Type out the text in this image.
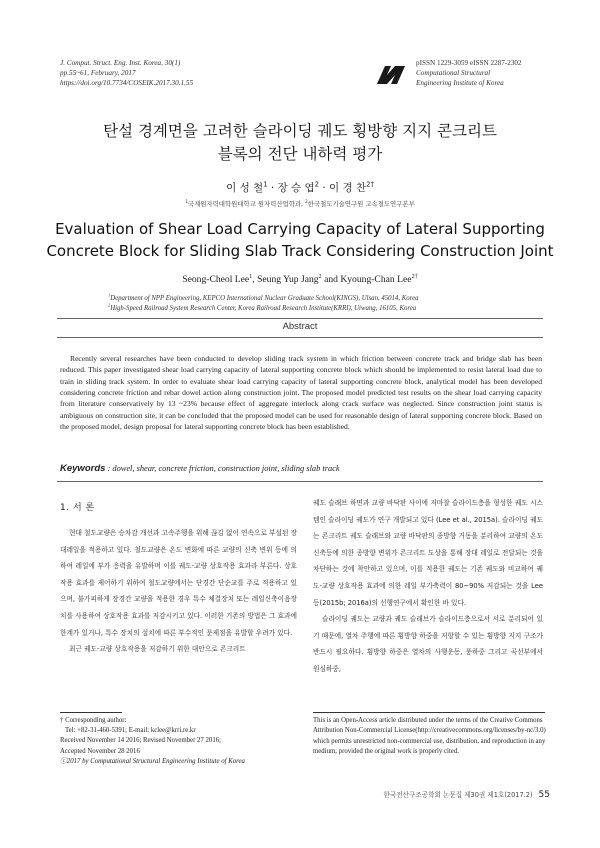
J. Comput. Struct. Eng. Inst. Korea, 30(1)
pp.55~61, February, 2017
https://doi.org/10.7734/COSEIK.2017.30.1.55
pISSN 1229-3059 eISSN 2287-2302
Computational Structural
Engineering Institute of Korea
탄설 경계면을 고려한 슬라이딩 궤도 횡방향 지지 콘크리트
블록의 전단 내하력 평가
이 성 철$^1$ · 장 승 엽$^2$ · 이 경 찬$^{2\dagger}$
$^1$국제원자력대학원대학교 원자력산업학과, $^2$한국철도기술연구원 고속철도연구본부
Evaluation of Shear Load Carrying Capacity of Lateral Supporting
Concrete Block for Sliding Slab Track Considering Construction Joint
Seong-Cheol Lee$^1$, Seung Yup Jang$^2$ and Kyoung-Chan Lee$^{2\dagger}$
$^1$Department of NPP Engineering, KEPCO International Nuclear Graduate School(KINGS), Ulsan, 45014, Korea
$^2$High-Speed Railroad System Research Center, Korea Railroad Research Institute(KRRI), Uiwang, 16105, Korea
Abstract
Recently several researches have been conducted to develop sliding track system in which friction between concrete track and bridge slab has been reduced. This paper investigated shear load carrying capacity of lateral supporting concrete block which should be implemented to resist lateral load due to train in sliding track system. In order to evaluate shear load carrying capacity of lateral supporting concrete block, analytical model has been developed considering concrete friction and rebar dowel action along construction joint. The proposed model predicted test results on the shear load carrying capacity from literature conservatively by 13 ~23% because effect of aggregate interlock along crack surface was neglected. Since construction joint status is ambiguous on construction site, it can be concluded that the proposed model can be used for reasonable design of lateral supporting concrete block. Based on the proposed model, design proposal for lateral supporting concrete block has been established.
Keywords : dowel, shear, concrete friction, construction joint, sliding slab track
1. 서 론

현대 철도교량은 승차감 개선과 고속주행을 위해 끊김 없이 연속으로 부설된 장대레일을 적용하고 있다. 철도교량은 온도 변화에 따른 교량의 신축 변위 등에 의하여 레일에 부가 응력을 유발하며 이를 궤도-교량 상호작용 효과라 부른다. 상호작용 효과를 제어하기 위하여 철도교량에서는 단경간 단순교를 주로 적용하고 있으며, 불가피하게 장경간 교량을 적용한 경우 특수 체결장치 또는 레일신축이음장치를 사용하여 상호작용 효과를 저감시키고 있다. 이러한 기존의 방법은 그 효과에 한계가 있거나, 특수 장치의 설치에 따른 부수적인 문제점을 유발할 우려가 있다.

최근 궤도-교량 상호작용을 저감하기 위한 대안으로 콘크리트

궤도 슬래브 하면과 교량 바닥판 사이에 저마찰 슬라이드층을 형성한 궤도 시스템인 슬라이딩 궤도가 연구 개발되고 있다 (Lee et al., 2015a). 슬라이딩 궤도는 콘크리트 궤도 슬래브와 교량 바닥판의 종방향 거동을 분리하여 교량의 온도 신축등에 의한 종방향 변위가 콘크리트 도상을 통해 장대 레일로 전달되는 것을 차단하는 것에 착안하고 있으며, 이를 적용한 궤도는 기존 궤도와 비교하여 궤도-교량 상호작용 효과에 의한 레일 부가축력이 80~90% 저감되는 것을 Lee 등(2015b; 2016a)의 선행연구에서 확인한 바 있다.

슬라이딩 궤도는 교량과 궤도 슬래브가 슬라이드층으로서 서로 분리되어 있기 때문에, 열차 주행에 따른 횡방향 하중을 저항할 수 있는 횡방향 지지 구조가 반드시 필요하다. 횡방향 하중은 열차의 사행운동, 풍하중 그리고 곡선부에서 원심하중,

† Corresponding author:
Tel: +82-31-460-5391; E-mail: kclee@krri.re.kr
Received November 14 2016; Revised November 27 2016;
Accepted November 28 2016
ⓒ2017 by Computational Structural Engineering Institute of Korea
This is an Open-Access article distributed under the terms of the Creative Commons Attribution Non-Commercial License(http://creativecommons.org/licenses/by-nc/3.0) which permits unrestricted non-commercial use, distribution, and reproduction in any medium, provided the original work is properly cited.
한국전산구조공학회 논문집 제30권 제1호(2017.2) 55
